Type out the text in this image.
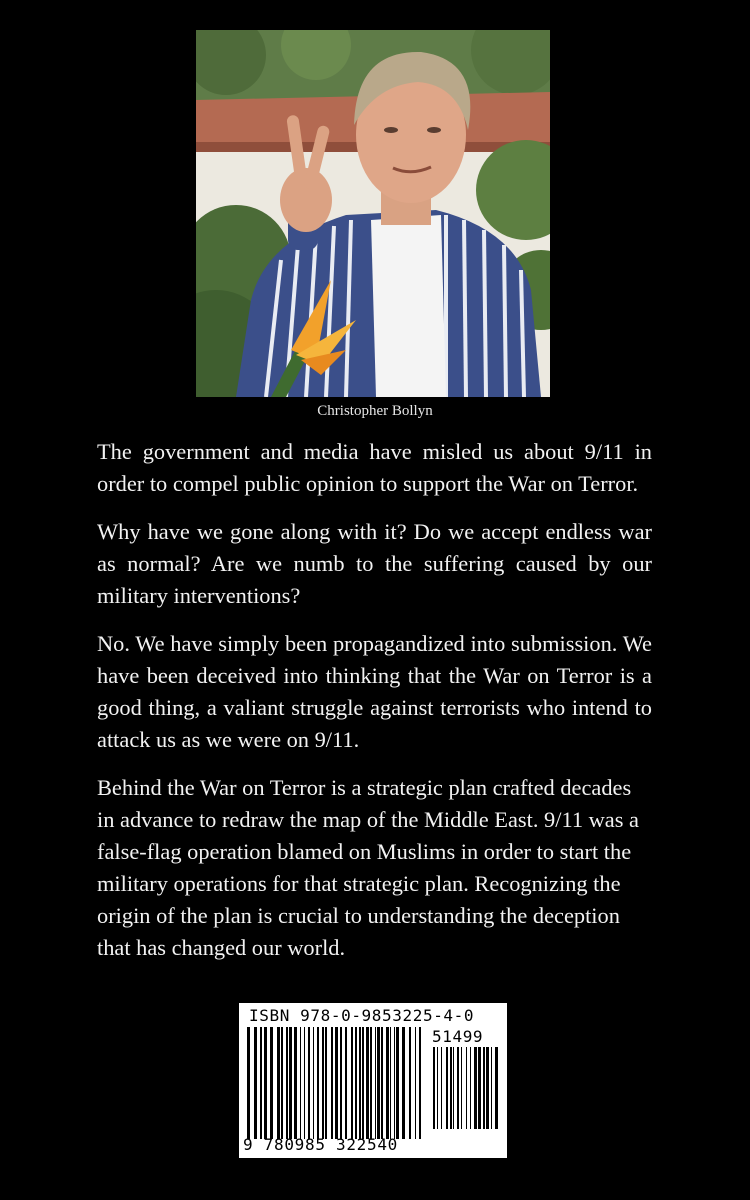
Christopher Bollyn

The government and media have misled us about 9/11 in order to compel public opinion to support the War on Terror.

Why have we gone along with it? Do we accept endless war as normal? Are we numb to the suffering caused by our military interventions?

No. We have simply been propagandized into submission. We have been deceived into thinking that the War on Terror is a good thing, a valiant struggle against terrorists who intend to attack us as we were on 9/11.

Behind the War on Terror is a strategic plan crafted decades in advance to redraw the map of the Middle East. 9/11 was a false-flag operation blamed on Muslims in order to start the military operations for that strategic plan. Recognizing the origin of the plan is crucial to understanding the deception that has changed our world.

ISBN 978-0-9853225-4-0
51499
9 780985 322540
